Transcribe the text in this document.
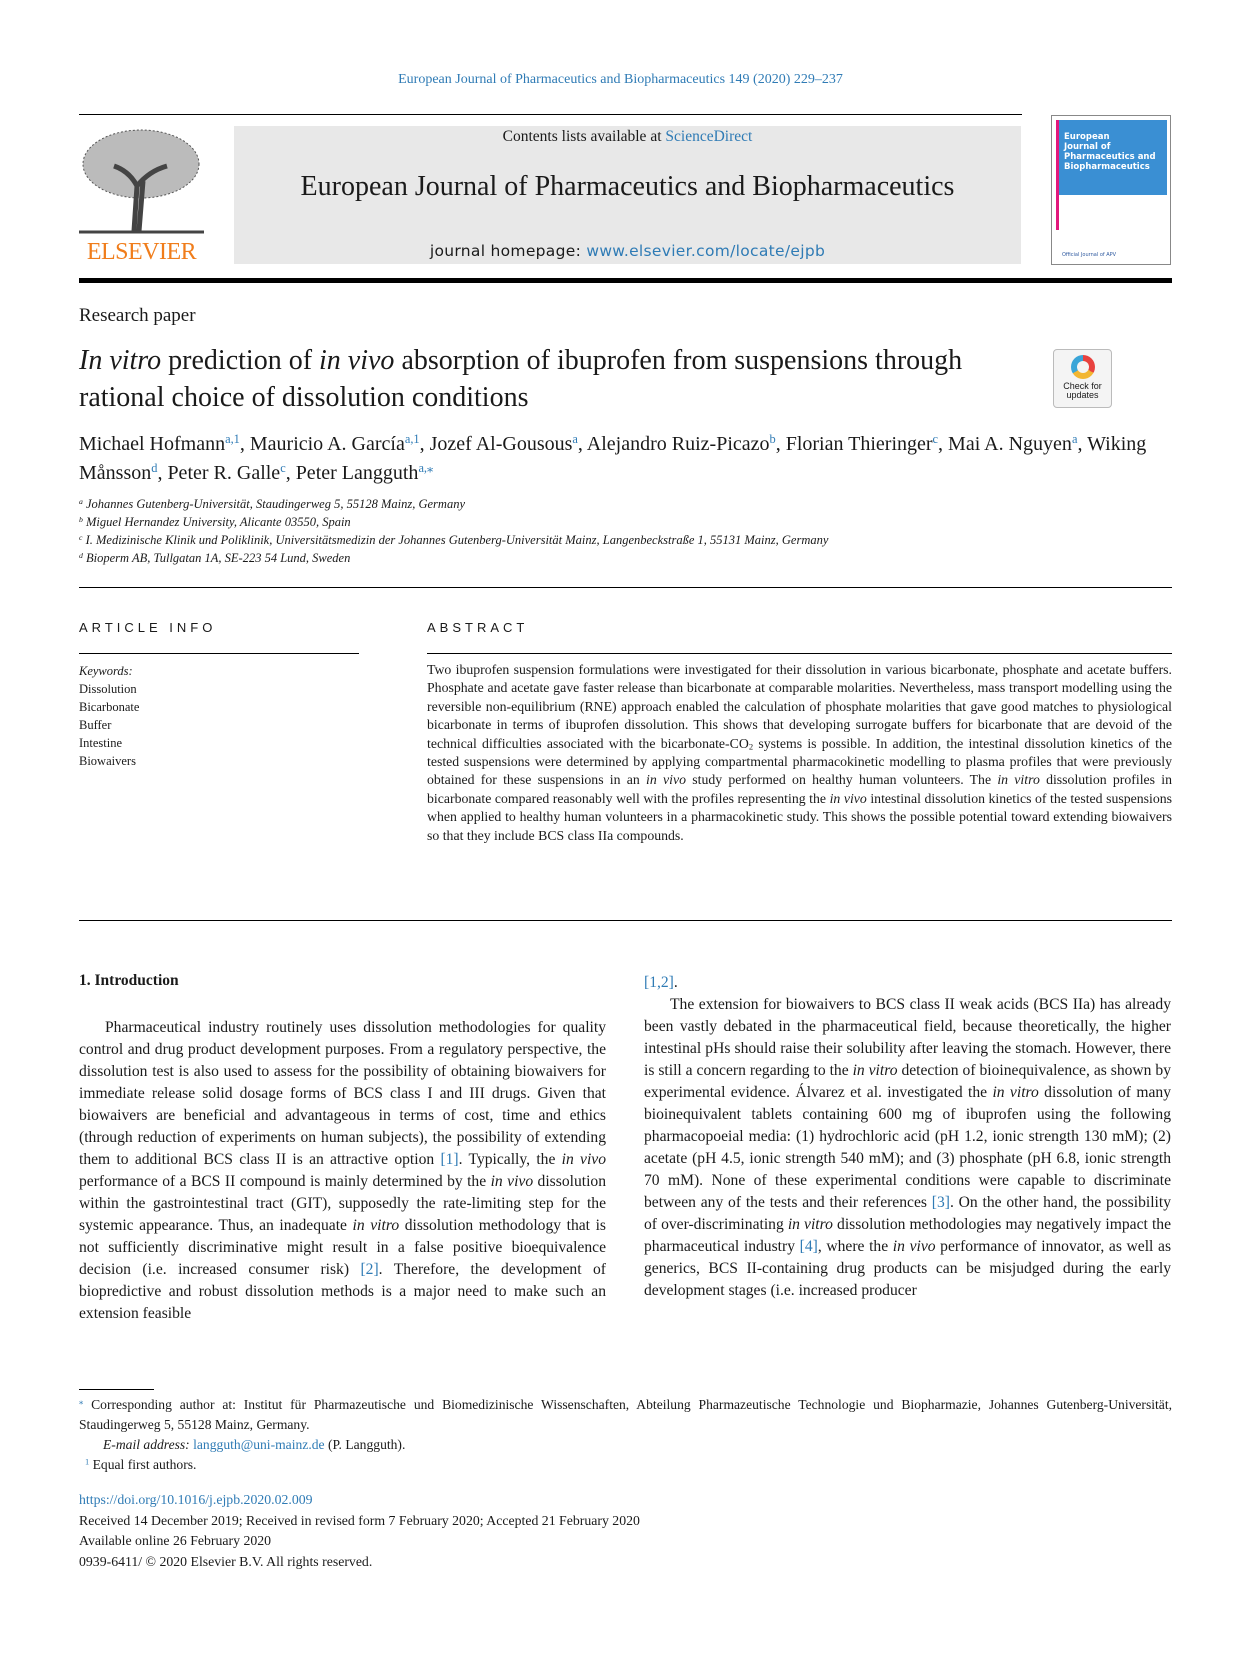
European Journal of Pharmaceutics and Biopharmaceutics 149 (2020) 229–237
ELSEVIER
Contents lists available at ScienceDirect
European Journal of Pharmaceutics and Biopharmaceutics
journal homepage: www.elsevier.com/locate/ejpb
European
Journal of
Pharmaceutics and
Biopharmaceutics
Official Journal of APV
Research paper
In vitro prediction of in vivo absorption of ibuprofen from suspensions through rational choice of dissolution conditions	Check for updates
Michael Hofmann$^{a,1}$, Mauricio A. García$^{a,1}$, Jozef Al-Gousous$^a$, Alejandro Ruiz-Picazo$^b$, Florian Thieringer$^c$, Mai A. Nguyen$^a$, Wiking Månsson$^d$, Peter R. Galle$^c$, Peter Langguth$^{a,⁎}$
$^a$ Johannes Gutenberg-Universität, Staudingerweg 5, 55128 Mainz, Germany
$^b$ Miguel Hernandez University, Alicante 03550, Spain
$^c$ I. Medizinische Klinik und Poliklinik, Universitätsmedizin der Johannes Gutenberg-Universität Mainz, Langenbeckstraße 1, 55131 Mainz, Germany
$^d$ Bioperm AB, Tullgatan 1A, SE-223 54 Lund, Sweden
ARTICLE INFO
Keywords:
Dissolution
Bicarbonate
Buffer
Intestine
Biowaivers
ABSTRACT
Two ibuprofen suspension formulations were investigated for their dissolution in various bicarbonate, phosphate and acetate buffers. Phosphate and acetate gave faster release than bicarbonate at comparable molarities. Nevertheless, mass transport modelling using the reversible non-equilibrium (RNE) approach enabled the calculation of phosphate molarities that gave good matches to physiological bicarbonate in terms of ibuprofen dissolution. This shows that developing surrogate buffers for bicarbonate that are devoid of the technical difficulties associated with the bicarbonate-$CO_2$ systems is possible. In addition, the intestinal dissolution kinetics of the tested suspensions were determined by applying compartmental pharmacokinetic modelling to plasma profiles that were previously obtained for these suspensions in an in vivo study performed on healthy human volunteers. The in vitro dissolution profiles in bicarbonate compared reasonably well with the profiles representing the in vivo intestinal dissolution kinetics of the tested suspensions when applied to healthy human volunteers in a pharmacokinetic study. This shows the possible potential toward extending biowaivers so that they include BCS class IIa compounds.
1. Introduction

Pharmaceutical industry routinely uses dissolution methodologies for quality control and drug product development purposes. From a regulatory perspective, the dissolution test is also used to assess for the possibility of obtaining biowaivers for immediate release solid dosage forms of BCS class I and III drugs. Given that biowaivers are beneficial and advantageous in terms of cost, time and ethics (through reduction of experiments on human subjects), the possibility of extending them to additional BCS class II is an attractive option [1]. Typically, the in vivo performance of a BCS II compound is mainly determined by the in vivo dissolution within the gastrointestinal tract (GIT), supposedly the rate-limiting step for the systemic appearance. Thus, an inadequate in vitro dissolution methodology that is not sufficiently discriminative might result in a false positive bioequivalence decision (i.e. increased consumer risk) [2]. Therefore, the development of biopredictive and robust dissolution methods is a major need to make such an extension feasible

[1,2].

The extension for biowaivers to BCS class II weak acids (BCS IIa) has already been vastly debated in the pharmaceutical field, because theoretically, the higher intestinal pHs should raise their solubility after leaving the stomach. However, there is still a concern regarding to the in vitro detection of bioinequivalence, as shown by experimental evidence. Álvarez et al. investigated the in vitro dissolution of many bioinequivalent tablets containing 600 mg of ibuprofen using the following pharmacopoeial media: (1) hydrochloric acid (pH 1.2, ionic strength 130 mM); (2) acetate (pH 4.5, ionic strength 540 mM); and (3) phosphate (pH 6.8, ionic strength 70 mM). None of these experimental conditions were capable to discriminate between any of the tests and their references [3]. On the other hand, the possibility of over-discriminating in vitro dissolution methodologies may negatively impact the pharmaceutical industry [4], where the in vivo performance of innovator, as well as generics, BCS II-containing drug products can be misjudged during the early development stages (i.e. increased producer

⁎ Corresponding author at: Institut für Pharmazeutische und Biomedizinische Wissenschaften, Abteilung Pharmazeutische Technologie und Biopharmazie, Johannes Gutenberg-Universität, Staudingerweg 5, 55128 Mainz, Germany.
E-mail address: langguth@uni-mainz.de (P. Langguth).
$^1$ Equal first authors.
https://doi.org/10.1016/j.ejpb.2020.02.009
Received 14 December 2019; Received in revised form 7 February 2020; Accepted 21 February 2020
Available online 26 February 2020
0939-6411/ © 2020 Elsevier B.V. All rights reserved.
